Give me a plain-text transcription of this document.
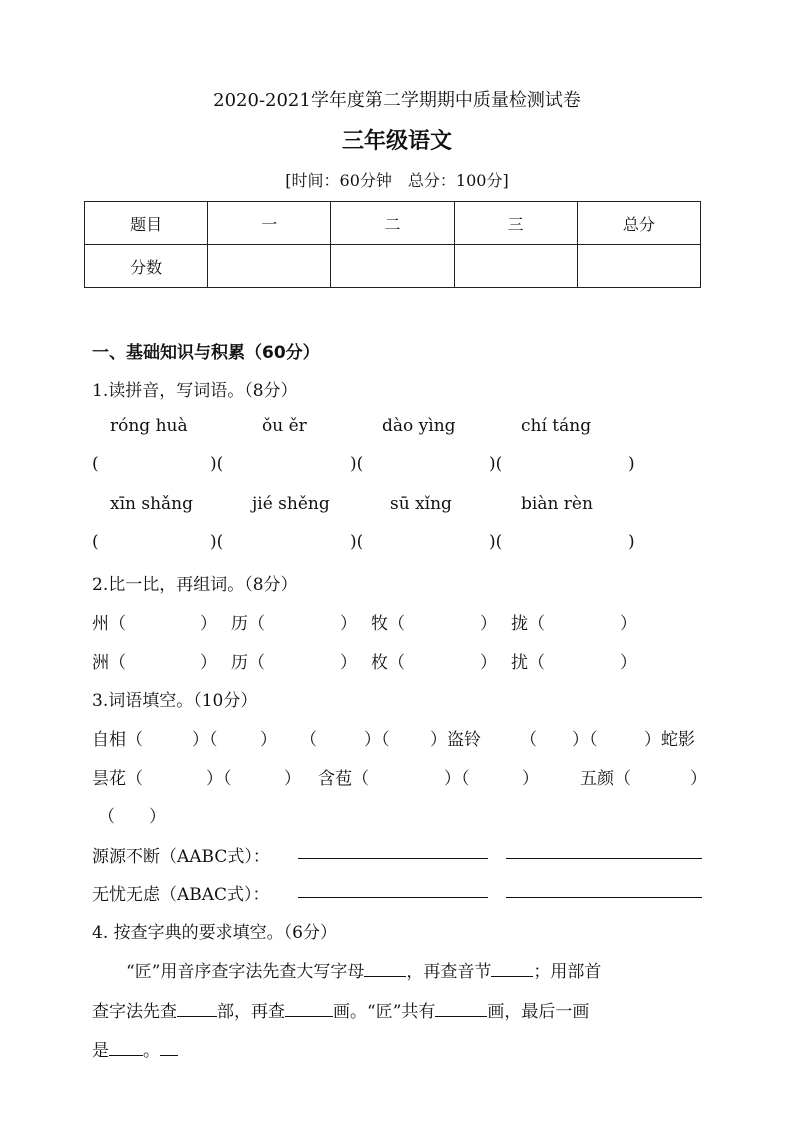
2020-2021学年度第二学期期中质量检测试卷
三年级语文
[时间：60分钟　总分：100分]
题目	一	二	三	总分
分数				
一、基础知识与积累（60分）
1.读拼音，写词语。（8分）
róng huà	ǒu ěr	dào yìng	chí táng
(	)(	)(	)(	)
xīn shǎng	jié shěng	sū xǐng	biàn rèn
(	)(	)(	)(	)
2.比一比，再组词。（8分）
州（	） 历（	） 牧（	） 拢（	）
洲（	） 历（	） 枚（	） 扰（	）
3.词语填空。（10分）
自相（	）（	） （	）（ ）盗铃 （ ）（	）蛇影
昙花（	）（	） 含苞（	）（	） 五颜（	）
（　　）
源源不断（AABC式）：
无忧无虑（ABAC式）：
4. 按查字典的要求填空。（6分）
“匠”用音序查字法先查大写字母 ，再查音节 ；用部首
查字法先查 部，再查	画。“匠”共有	画，最后一画
是 。
